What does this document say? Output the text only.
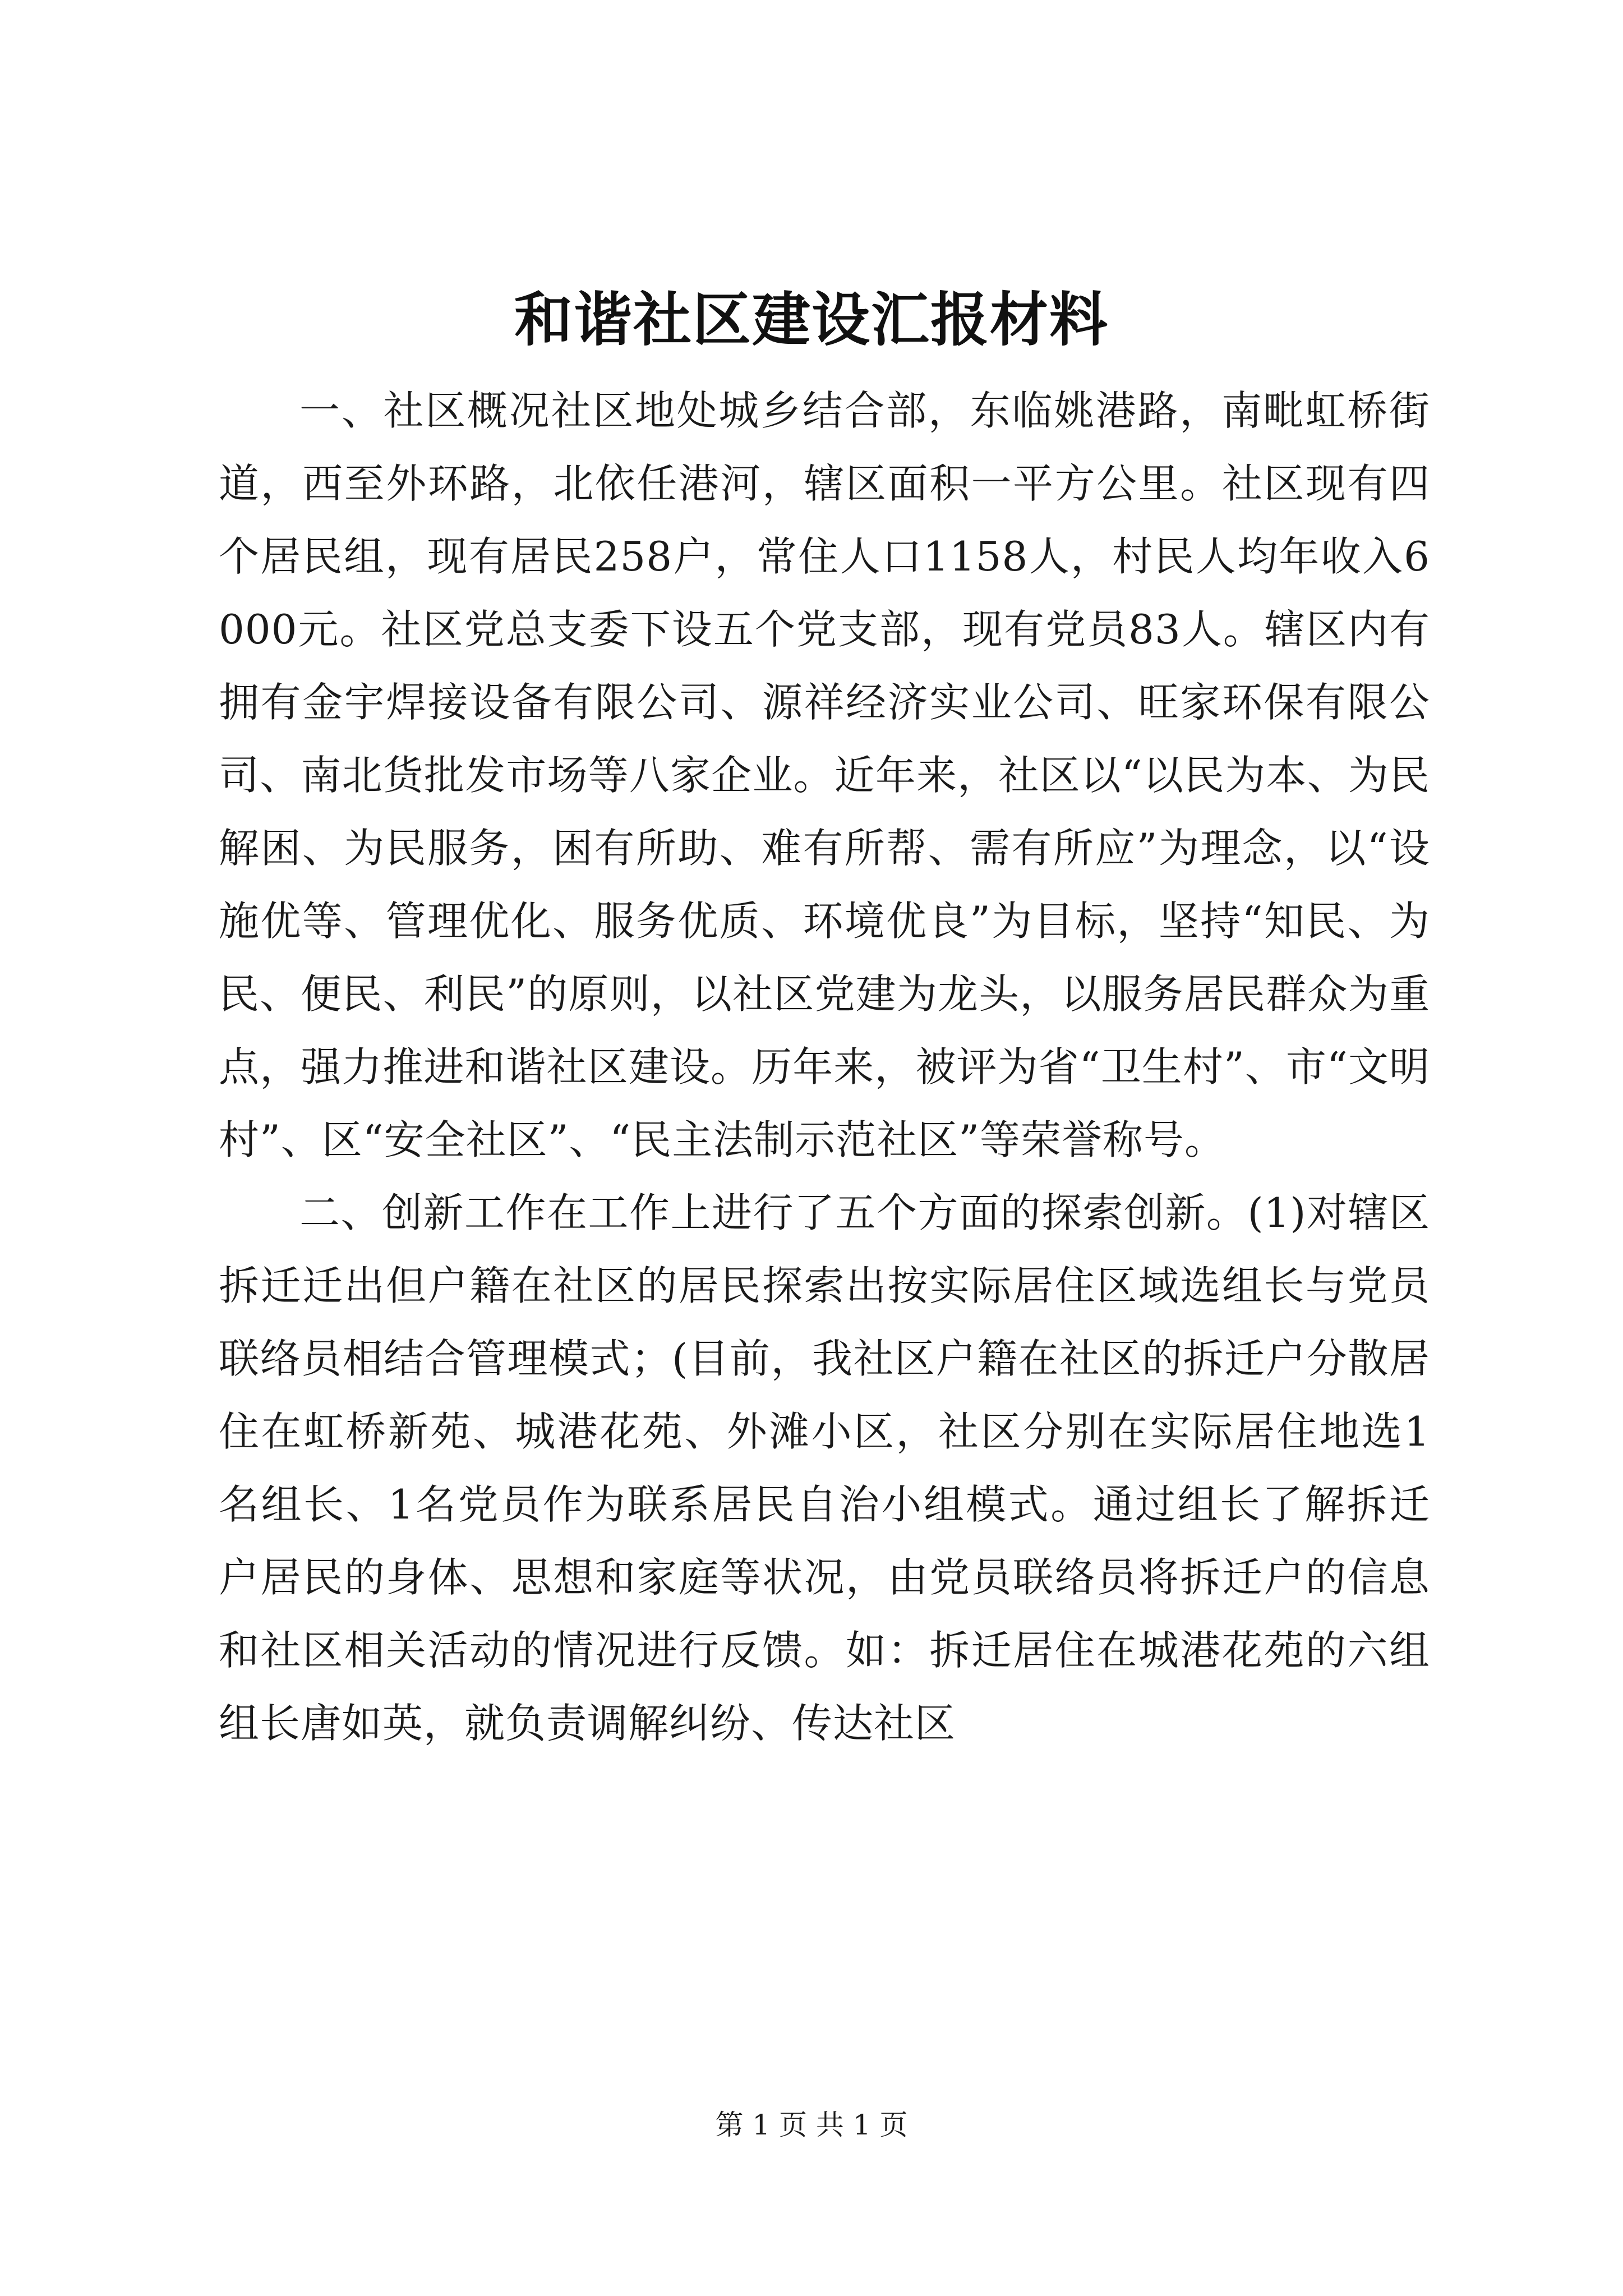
和谐社区建设汇报材料

一、社区概况社区地处城乡结合部，东临姚港路，南毗虹桥街道，西至外环路，北依任港河，辖区面积一平方公里。社区现有四个居民组，现有居民258户，常住人口1158人，村民人均年收入6000元。社区党总支委下设五个党支部，现有党员83人。辖区内有拥有金宇焊接设备有限公司、源祥经济实业公司、旺家环保有限公司、南北货批发市场等八家企业。近年来，社区以“以民为本、为民解困、为民服务，困有所助、难有所帮、需有所应”为理念，以“设施优等、管理优化、服务优质、环境优良”为目标，坚持“知民、为民、便民、利民”的原则，以社区党建为龙头，以服务居民群众为重点，强力推进和谐社区建设。历年来，被评为省“卫生村”、市“文明村”、区“安全社区”、“民主法制示范社区”等荣誉称号。

二、创新工作在工作上进行了五个方面的探索创新。(1)对辖区拆迁迁出但户籍在社区的居民探索出按实际居住区域选组长与党员联络员相结合管理模式；(目前，我社区户籍在社区的拆迁户分散居住在虹桥新苑、城港花苑、外滩小区，社区分别在实际居住地选1名组长、1名党员作为联系居民自治小组模式。通过组长了解拆迁户居民的身体、思想和家庭等状况，由党员联络员将拆迁户的信息和社区相关活动的情况进行反馈。如：拆迁居住在城港花苑的六组组长唐如英，就负责调解纠纷、传达社区

第 1 页 共 1 页
